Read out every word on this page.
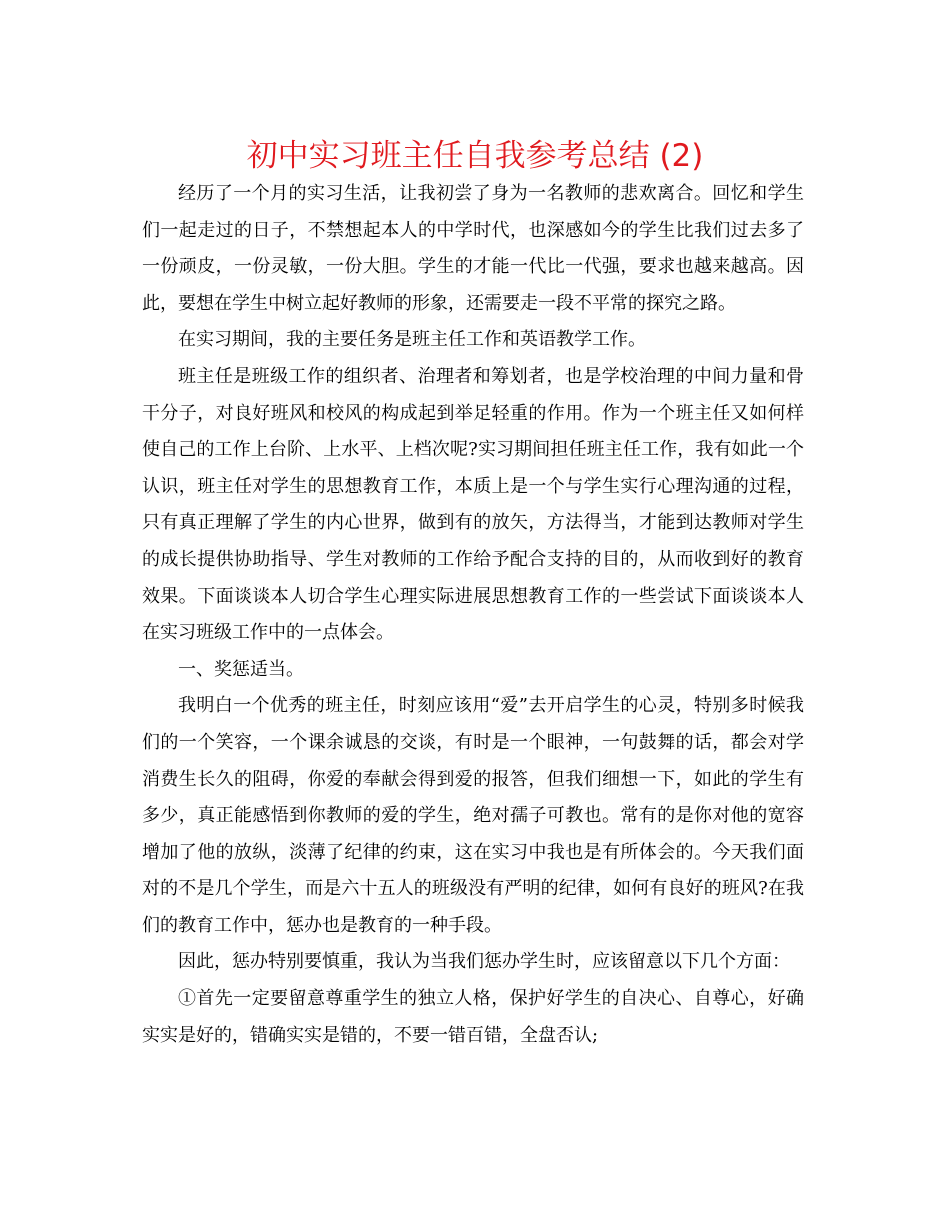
初中实习班主任自我参考总结 (2)

经历了一个月的实习生活，让我初尝了身为一名教师的悲欢离合。回忆和学生们一起走过的日子，不禁想起本人的中学时代，也深感如今的学生比我们过去多了一份顽皮，一份灵敏，一份大胆。学生的才能一代比一代强，要求也越来越高。因此，要想在学生中树立起好教师的形象，还需要走一段不平常的探究之路。

在实习期间，我的主要任务是班主任工作和英语教学工作。

班主任是班级工作的组织者、治理者和筹划者，也是学校治理的中间力量和骨干分子，对良好班风和校风的构成起到举足轻重的作用。作为一个班主任又如何样使自己的工作上台阶、上水平、上档次呢?实习期间担任班主任工作，我有如此一个认识，班主任对学生的思想教育工作，本质上是一个与学生实行心理沟通的过程，只有真正理解了学生的内心世界，做到有的放矢，方法得当，才能到达教师对学生的成长提供协助指导、学生对教师的工作给予配合支持的目的，从而收到好的教育效果。下面谈谈本人切合学生心理实际进展思想教育工作的一些尝试下面谈谈本人在实习班级工作中的一点体会。

一、奖惩适当。

我明白一个优秀的班主任，时刻应该用“爱”去开启学生的心灵，特别多时候我们的一个笑容，一个课余诚恳的交谈，有时是一个眼神，一句鼓舞的话，都会对学消费生长久的阻碍，你爱的奉献会得到爱的报答，但我们细想一下，如此的学生有多少，真正能感悟到你教师的爱的学生，绝对孺子可教也。常有的是你对他的宽容增加了他的放纵，淡薄了纪律的约束，这在实习中我也是有所体会的。今天我们面对的不是几个学生，而是六十五人的班级没有严明的纪律，如何有良好的班风?在我们的教育工作中，惩办也是教育的一种手段。

因此，惩办特别要慎重，我认为当我们惩办学生时，应该留意以下几个方面：

①首先一定要留意尊重学生的独立人格，保护好学生的自决心、自尊心，好确实实是好的，错确实实是错的，不要一错百错，全盘否认;
